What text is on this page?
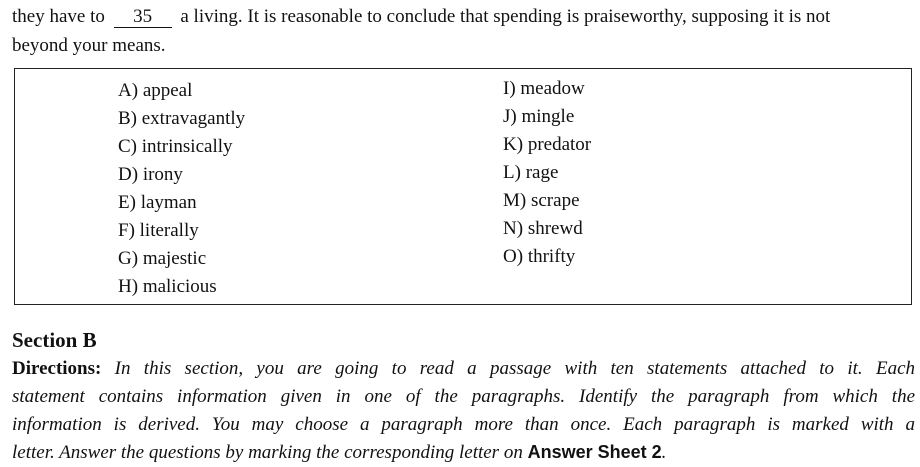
they have to 35 a living. It is reasonable to conclude that spending is praiseworthy, supposing it is not
beyond your means.
A) appeal
B) extravagantly
C) intrinsically
D) irony
E) layman
F) literally
G) majestic
H) malicious
I) meadow
J) mingle
K) predator
L) rage
M) scrape
N) shrewd
O) thrifty
Section B
Directions: In this section, you are going to read a passage with ten statements attached to it. Each
statement contains information given in one of the paragraphs. Identify the paragraph from which the
information is derived. You may choose a paragraph more than once. Each paragraph is marked with a
letter. Answer the questions by marking the corresponding letter on Answer Sheet 2.
